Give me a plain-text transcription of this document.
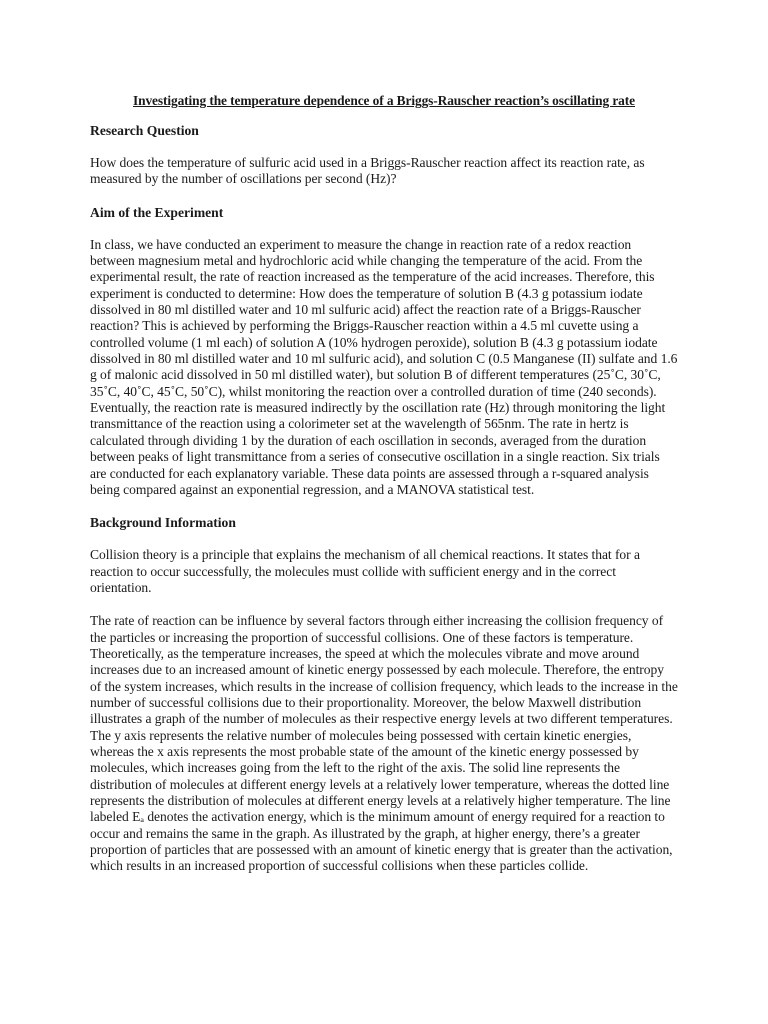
Investigating the temperature dependence of a Briggs-Rauscher reaction’s oscillating rate

Research Question

How does the temperature of sulfuric acid used in a Briggs-Rauscher reaction affect its reaction rate, as measured by the number of oscillations per second (Hz)?

Aim of the Experiment

In class, we have conducted an experiment to measure the change in reaction rate of a redox reaction between magnesium metal and hydrochloric acid while changing the temperature of the acid. From the experimental result, the rate of reaction increased as the temperature of the acid increases. Therefore, this experiment is conducted to determine: How does the temperature of solution B (4.3 g potassium iodate dissolved in 80 ml distilled water and 10 ml sulfuric acid) affect the reaction rate of a Briggs-Rauscher reaction? This is achieved by performing the Briggs-Rauscher reaction within a 4.5 ml cuvette using a controlled volume (1 ml each) of solution A (10% hydrogen peroxide), solution B (4.3 g potassium iodate dissolved in 80 ml distilled water and 10 ml sulfuric acid), and solution C (0.5 Manganese (II) sulfate and 1.6 g of malonic acid dissolved in 50 ml distilled water), but solution B of different temperatures (25˚C, 30˚C, 35˚C, 40˚C, 45˚C, 50˚C), whilst monitoring the reaction over a controlled duration of time (240 seconds). Eventually, the reaction rate is measured indirectly by the oscillation rate (Hz) through monitoring the light transmittance of the reaction using a colorimeter set at the wavelength of 565nm. The rate in hertz is calculated through dividing 1 by the duration of each oscillation in seconds, averaged from the duration between peaks of light transmittance from a series of consecutive oscillation in a single reaction. Six trials are conducted for each explanatory variable. These data points are assessed through a r-squared analysis being compared against an exponential regression, and a MANOVA statistical test.

Background Information

Collision theory is a principle that explains the mechanism of all chemical reactions. It states that for a reaction to occur successfully, the molecules must collide with sufficient energy and in the correct orientation.

The rate of reaction can be influence by several factors through either increasing the collision frequency of the particles or increasing the proportion of successful collisions. One of these factors is temperature. Theoretically, as the temperature increases, the speed at which the molecules vibrate and move around increases due to an increased amount of kinetic energy possessed by each molecule. Therefore, the entropy of the system increases, which results in the increase of collision frequency, which leads to the increase in the number of successful collisions due to their proportionality. Moreover, the below Maxwell distribution illustrates a graph of the number of molecules as their respective energy levels at two different temperatures. The y axis represents the relative number of molecules being possessed with certain kinetic energies, whereas the x axis represents the most probable state of the amount of the kinetic energy possessed by molecules, which increases going from the left to the right of the axis. The solid line represents the distribution of molecules at different energy levels at a relatively lower temperature, whereas the dotted line represents the distribution of molecules at different energy levels at a relatively higher temperature. The line labeled Eₐ denotes the activation energy, which is the minimum amount of energy required for a reaction to occur and remains the same in the graph. As illustrated by the graph, at higher energy, there’s a greater proportion of particles that are possessed with an amount of kinetic energy that is greater than the activation, which results in an increased proportion of successful collisions when these particles collide.
